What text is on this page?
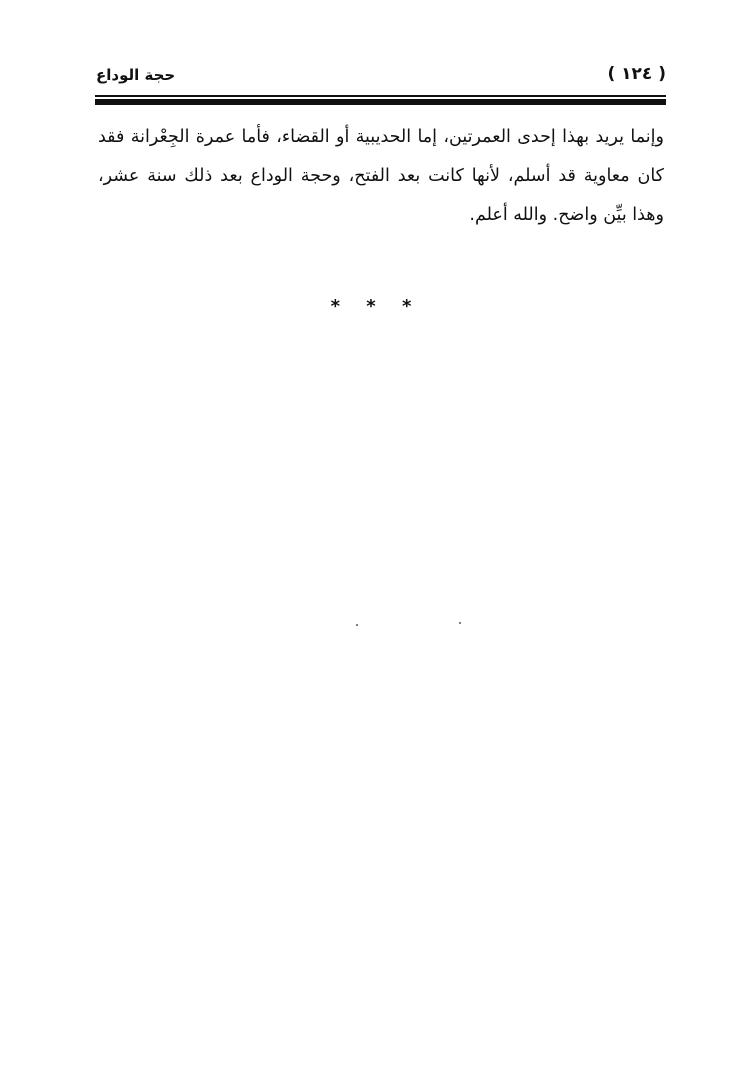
حجة الوداع	( ١٢٤ )

وإنما يريد بهذا إحدى العمرتين، إما الحديبية أو القضاء، فأما عمرة الجِعْرانة فقد كان معاوية قد أسلم، لأنها كانت بعد الفتح، وحجة الوداع بعد ذلك سنة عشر، وهذا بيِّن واضح. والله أعلم.

* * *
